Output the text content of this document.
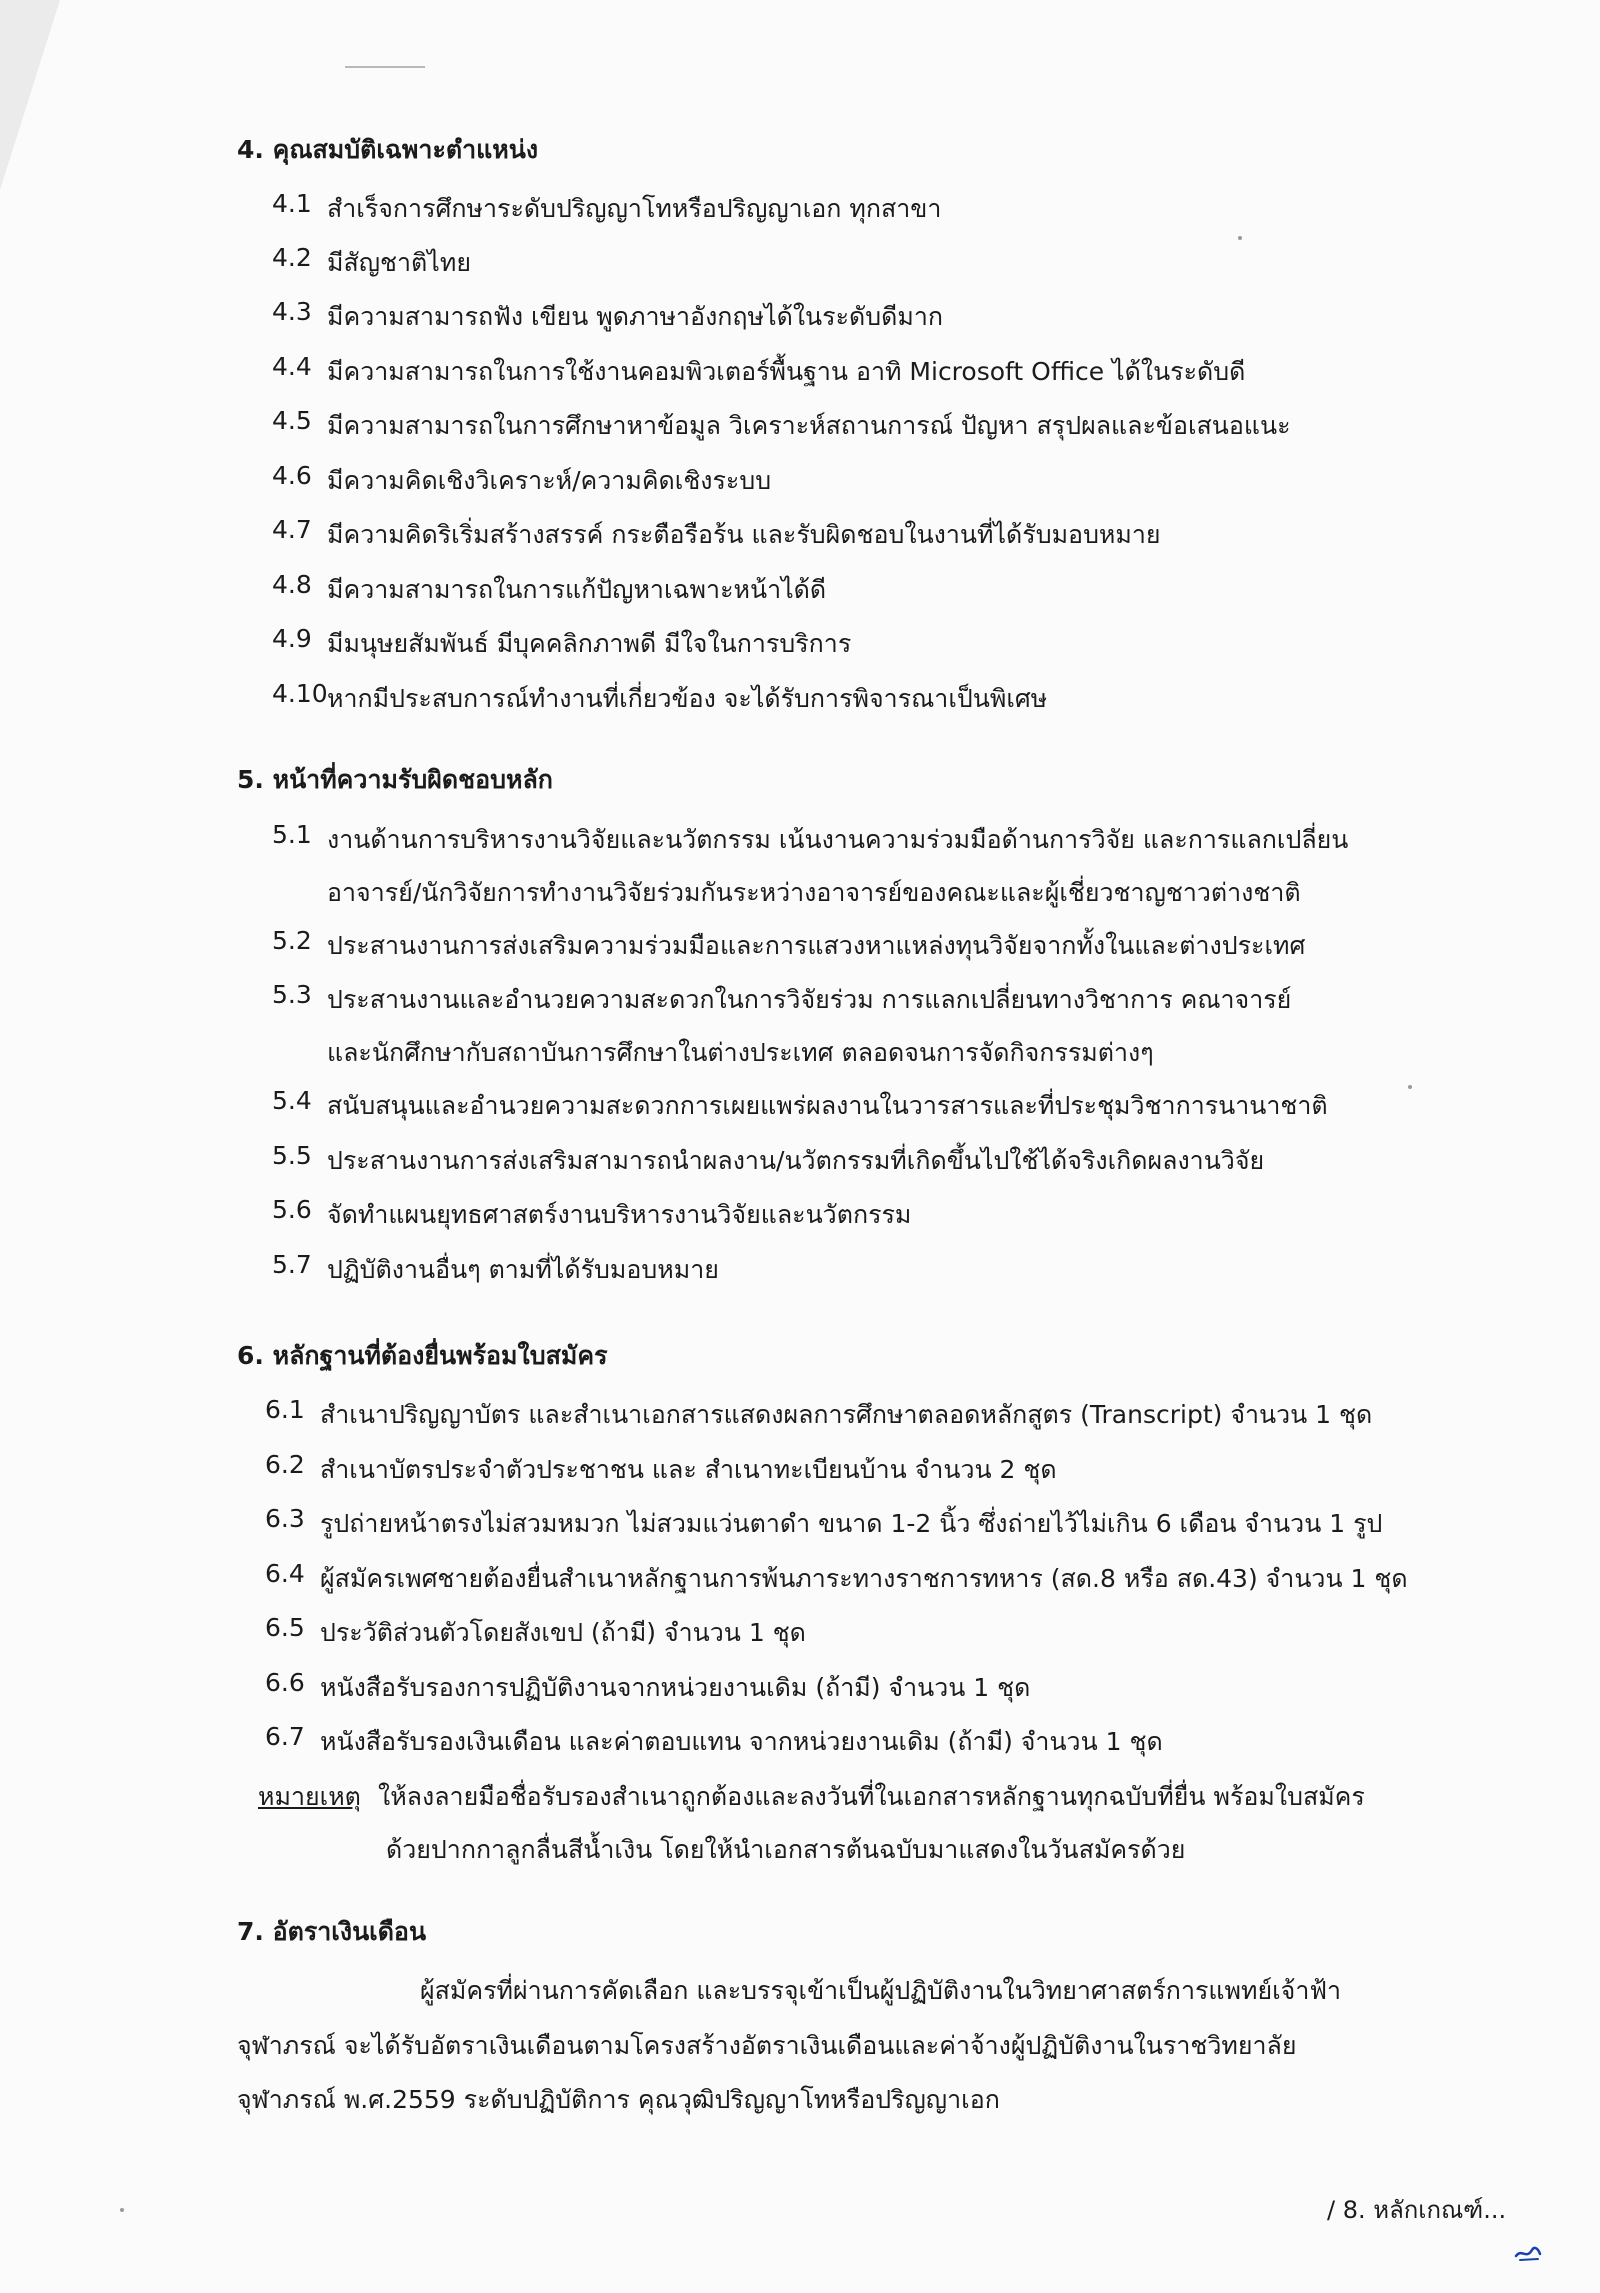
4. คุณสมบัติเฉพาะตำแหน่ง
4.1 สำเร็จการศึกษาระดับปริญญาโทหรือปริญญาเอก ทุกสาขา
4.2 มีสัญชาติไทย
4.3 มีความสามารถฟัง เขียน พูดภาษาอังกฤษได้ในระดับดีมาก
4.4 มีความสามารถในการใช้งานคอมพิวเตอร์พื้นฐาน อาทิ Microsoft Office ได้ในระดับดี
4.5 มีความสามารถในการศึกษาหาข้อมูล วิเคราะห์สถานการณ์ ปัญหา สรุปผลและข้อเสนอแนะ
4.6 มีความคิดเชิงวิเคราะห์/ความคิดเชิงระบบ
4.7 มีความคิดริเริ่มสร้างสรรค์ กระตือรือร้น และรับผิดชอบในงานที่ได้รับมอบหมาย
4.8 มีความสามารถในการแก้ปัญหาเฉพาะหน้าได้ดี
4.9 มีมนุษยสัมพันธ์ มีบุคคลิกภาพดี มีใจในการบริการ
4.10 หากมีประสบการณ์ทำงานที่เกี่ยวข้อง จะได้รับการพิจารณาเป็นพิเศษ
5. หน้าที่ความรับผิดชอบหลัก
5.1 งานด้านการบริหารงานวิจัยและนวัตกรรม เน้นงานความร่วมมือด้านการวิจัย และการแลกเปลี่ยน
อาจารย์/นักวิจัยการทำงานวิจัยร่วมกันระหว่างอาจารย์ของคณะและผู้เชี่ยวชาญชาวต่างชาติ
5.2 ประสานงานการส่งเสริมความร่วมมือและการแสวงหาแหล่งทุนวิจัยจากทั้งในและต่างประเทศ
5.3 ประสานงานและอำนวยความสะดวกในการวิจัยร่วม การแลกเปลี่ยนทางวิชาการ คณาจารย์
และนักศึกษากับสถาบันการศึกษาในต่างประเทศ ตลอดจนการจัดกิจกรรมต่างๆ
5.4 สนับสนุนและอำนวยความสะดวกการเผยแพร่ผลงานในวารสารและที่ประชุมวิชาการนานาชาติ
5.5 ประสานงานการส่งเสริมสามารถนำผลงาน/นวัตกรรมที่เกิดขึ้นไปใช้ได้จริงเกิดผลงานวิจัย
5.6 จัดทำแผนยุทธศาสตร์งานบริหารงานวิจัยและนวัตกรรม
5.7 ปฏิบัติงานอื่นๆ ตามที่ได้รับมอบหมาย
6. หลักฐานที่ต้องยื่นพร้อมใบสมัคร
6.1 สำเนาปริญญาบัตร และสำเนาเอกสารแสดงผลการศึกษาตลอดหลักสูตร (Transcript) จำนวน 1 ชุด
6.2 สำเนาบัตรประจำตัวประชาชน และ สำเนาทะเบียนบ้าน จำนวน 2 ชุด
6.3 รูปถ่ายหน้าตรงไม่สวมหมวก ไม่สวมแว่นตาดำ ขนาด 1-2 นิ้ว ซึ่งถ่ายไว้ไม่เกิน 6 เดือน จำนวน 1 รูป
6.4 ผู้สมัครเพศชายต้องยื่นสำเนาหลักฐานการพ้นภาระทางราชการทหาร (สด.8 หรือ สด.43) จำนวน 1 ชุด
6.5 ประวัติส่วนตัวโดยสังเขป (ถ้ามี) จำนวน 1 ชุด
6.6 หนังสือรับรองการปฏิบัติงานจากหน่วยงานเดิม (ถ้ามี) จำนวน 1 ชุด
6.7 หนังสือรับรองเงินเดือน และค่าตอบแทน จากหน่วยงานเดิม (ถ้ามี) จำนวน 1 ชุด
หมายเหตุ ให้ลงลายมือชื่อรับรองสำเนาถูกต้องและลงวันที่ในเอกสารหลักฐานทุกฉบับที่ยื่น พร้อมใบสมัคร
ด้วยปากกาลูกลื่นสีน้ำเงิน โดยให้นำเอกสารต้นฉบับมาแสดงในวันสมัครด้วย
7. อัตราเงินเดือน
ผู้สมัครที่ผ่านการคัดเลือก และบรรจุเข้าเป็นผู้ปฏิบัติงานในวิทยาศาสตร์การแพทย์เจ้าฟ้า
จุฬาภรณ์ จะได้รับอัตราเงินเดือนตามโครงสร้างอัตราเงินเดือนและค่าจ้างผู้ปฏิบัติงานในราชวิทยาลัย
จุฬาภรณ์ พ.ศ.2559 ระดับปฏิบัติการ คุณวุฒิปริญญาโทหรือปริญญาเอก
/ 8. หลักเกณฑ์...
